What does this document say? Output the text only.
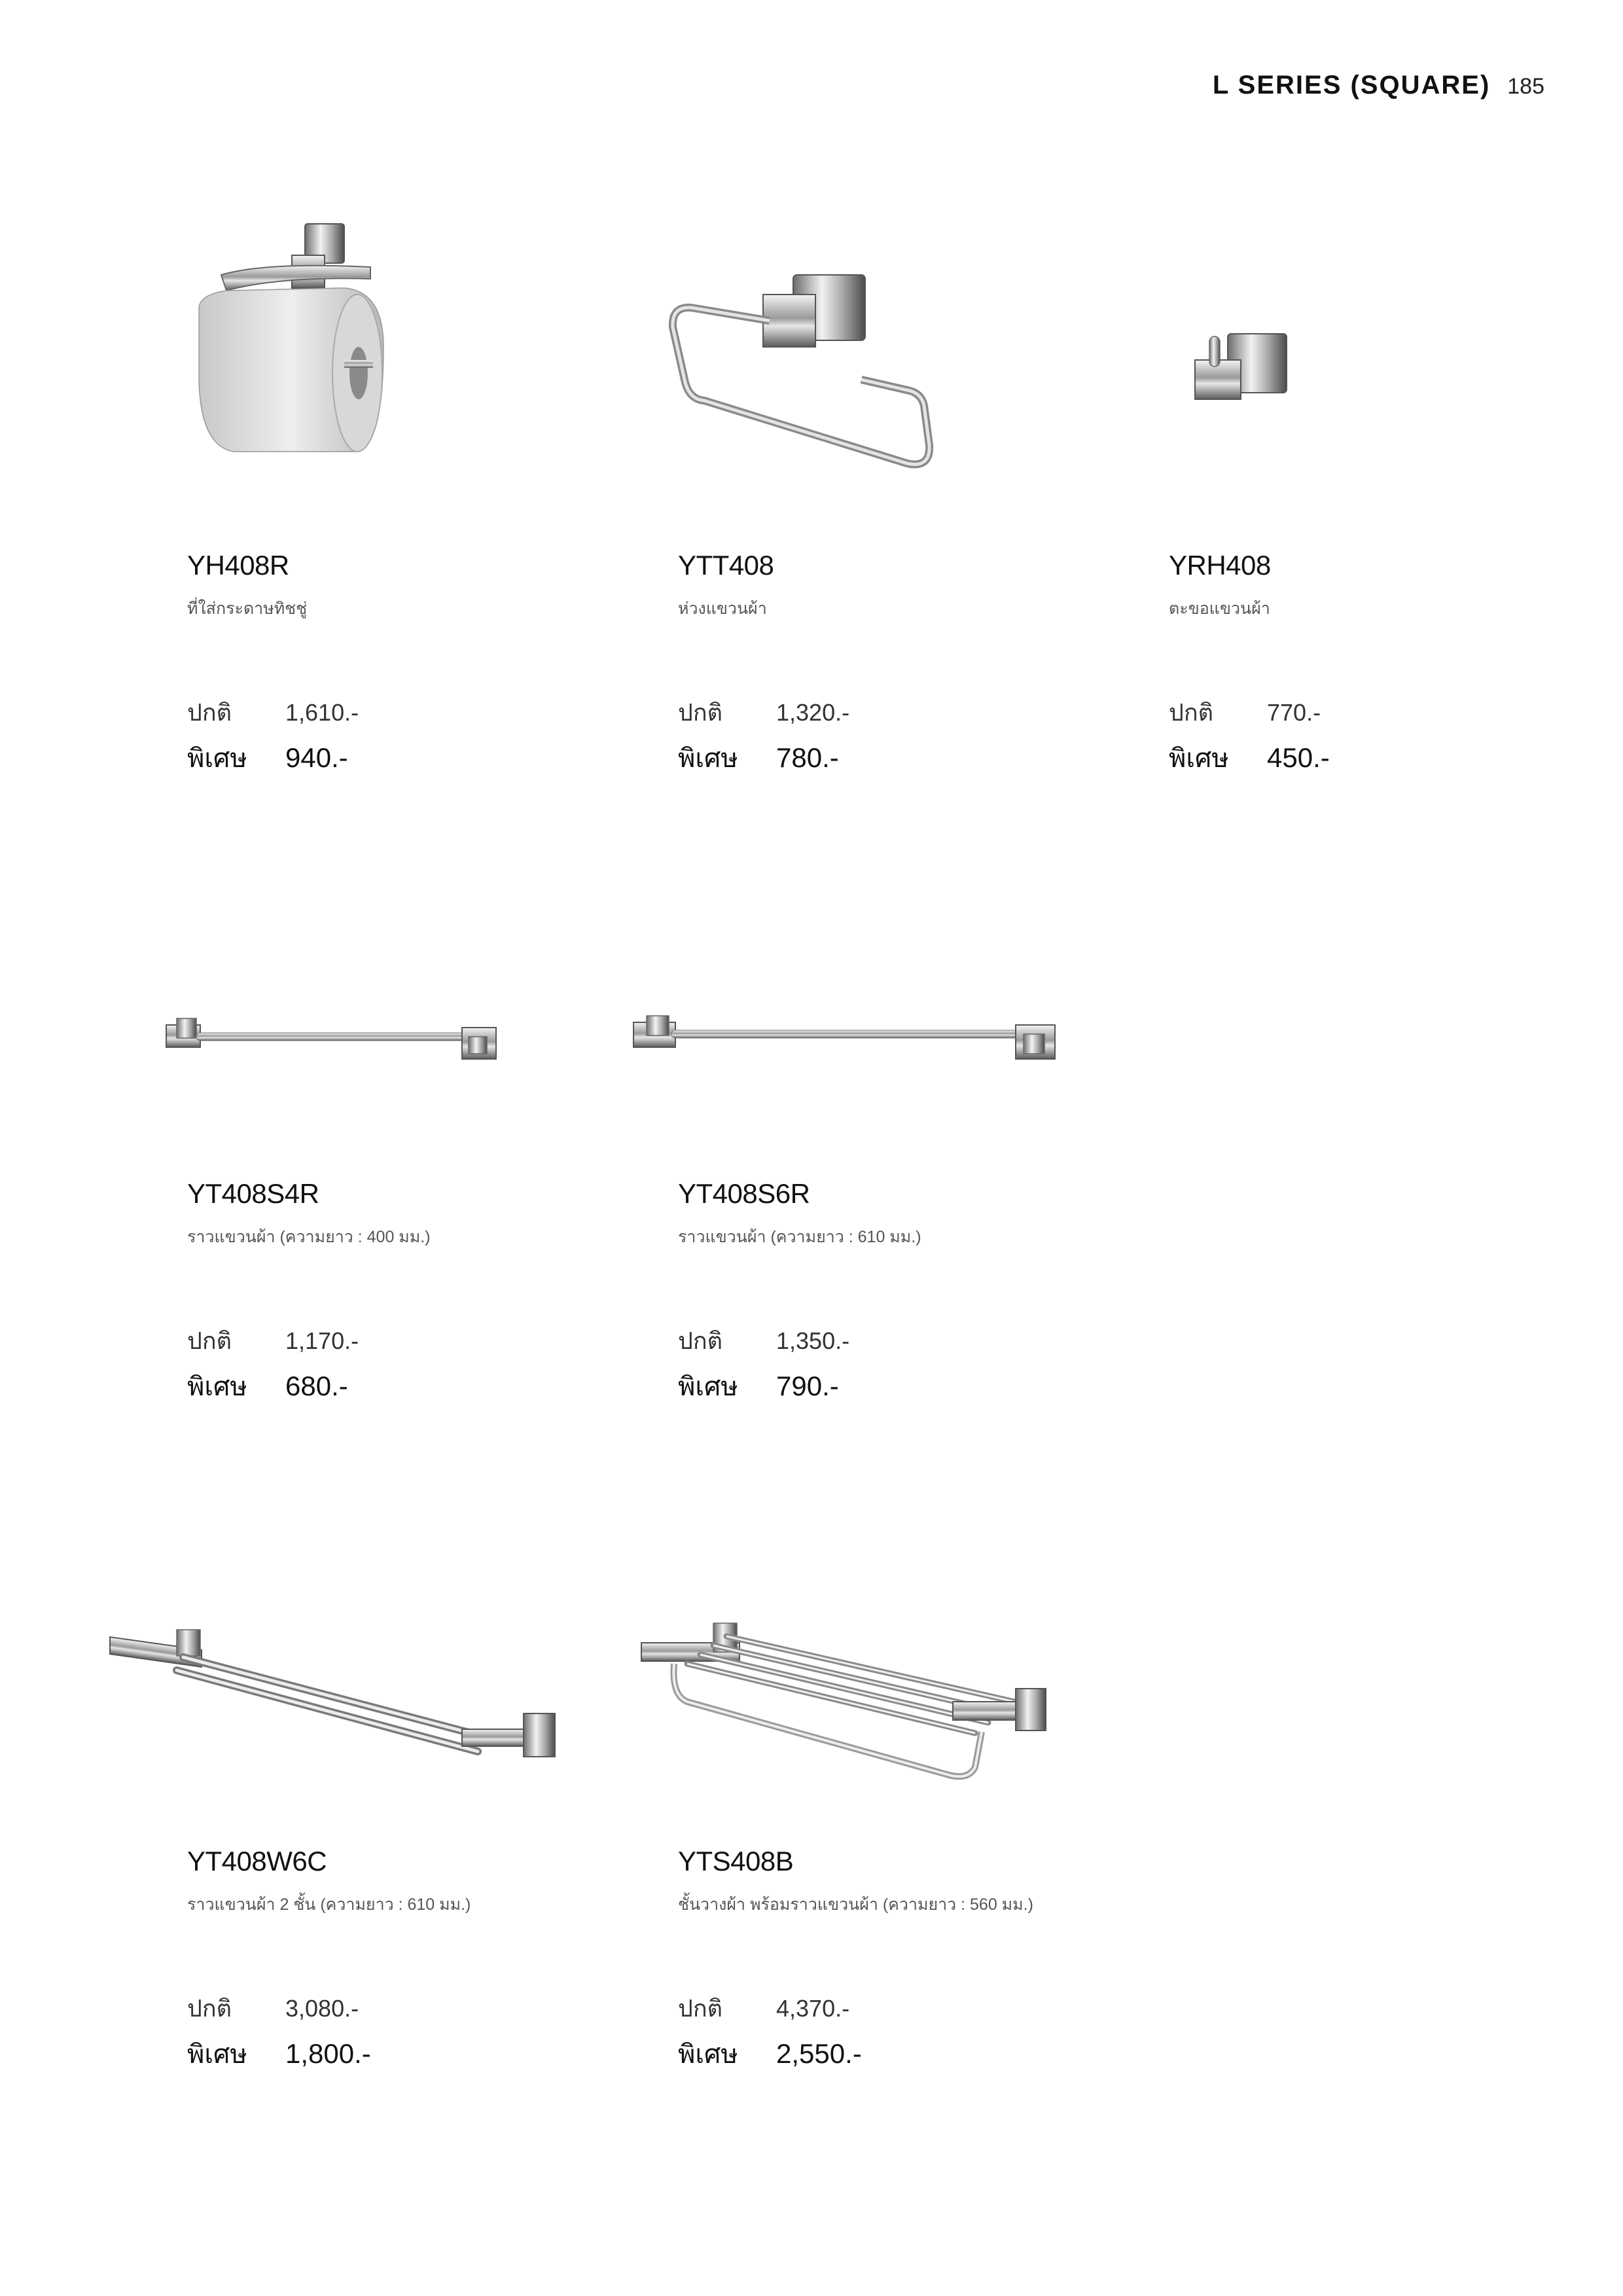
L SERIES (SQUARE) 185
YH408R
ที่ใส่กระดาษทิชชู่
ปกติ	1,610.-
พิเศษ	940.-
YTT408
ห่วงแขวนผ้า
ปกติ	1,320.-
พิเศษ	780.-
YRH408
ตะขอแขวนผ้า
ปกติ	770.-
พิเศษ	450.-
YT408S4R
ราวแขวนผ้า (ความยาว : 400 มม.)
ปกติ	1,170.-
พิเศษ	680.-
YT408S6R
ราวแขวนผ้า (ความยาว : 610 มม.)
ปกติ	1,350.-
พิเศษ	790.-
YT408W6C
ราวแขวนผ้า 2 ชั้น (ความยาว : 610 มม.)
ปกติ	3,080.-
พิเศษ	1,800.-
YTS408B
ชั้นวางผ้า พร้อมราวแขวนผ้า (ความยาว : 560 มม.)
ปกติ	4,370.-
พิเศษ	2,550.-
